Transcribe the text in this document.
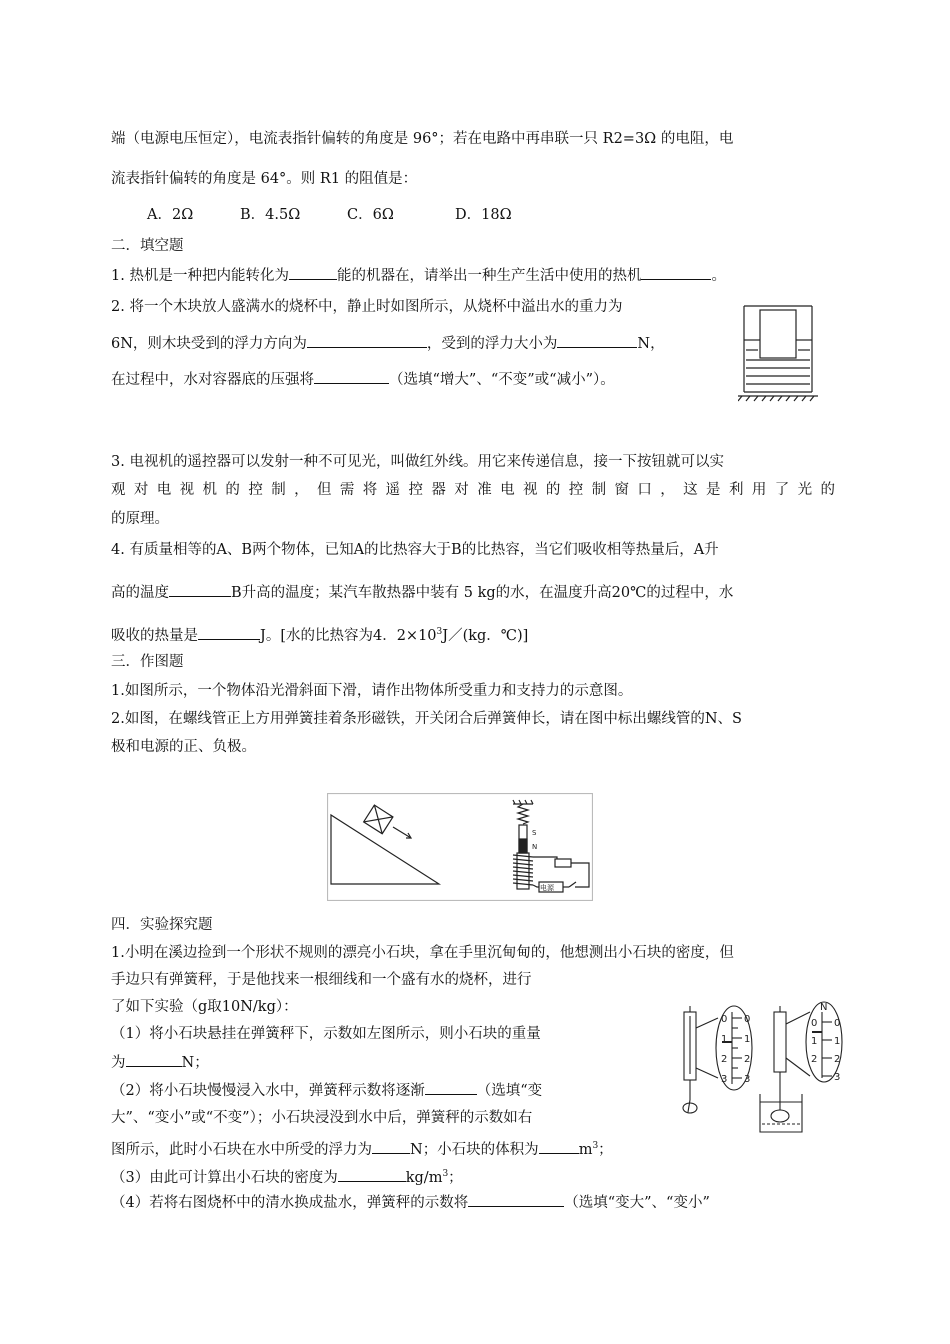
端（电源电压恒定），电流表指针偏转的角度是 96°；若在电路中再串联一只 R2=3Ω 的电阻，电
流表指针偏转的角度是 64°。则 R1 的阻值是：
A．2Ω	B．4.5Ω	C．6Ω	D．18Ω
二．填空题
1. 热机是一种把内能转化为	能的机器在，请举出一种生产生活中使用的热机	。
2. 将一个木块放人盛满水的烧杯中，静止时如图所示，从烧杯中溢出水的重力为
6N，则木块受到的浮力方向为	，受到的浮力大小为	N，
在过程中，水对容器底的压强将	（选填“增大”、“不变”或“减小”）。
3. 电视机的遥控器可以发射一种不可见光，叫做红外线。用它来传递信息，接一下按钮就可以实
观对电视机的控制，但需将遥控器对准电视的控制窗口，这是利用了光的
的原理。
4. 有质量相等的A、B两个物体，已知A的比热容大于B的比热容，当它们吸收相等热量后，A升
高的温度	B升高的温度；某汽车散热器中装有 5 kg的水，在温度升高20℃的过程中，水
吸收的热量是	J。[水的比热容为4．$2\times 10^3J/(kg$．℃)]
三．作图题
1.如图所示，一个物体沿光滑斜面下滑，请作出物体所受重力和支持力的示意图。
2.如图，在螺线管正上方用弹簧挂着条形磁铁，开关闭合后弹簧伸长，请在图中标出螺线管的N、S
极和电源的正、负极。
S
N
电源
四．实验探究题
1.小明在溪边捡到一个形状不规则的漂亮小石块，拿在手里沉甸甸的，他想测出小石块的密度，但
手边只有弹簧秤，于是他找来一根细线和一个盛有水的烧杯，进行
了如下实验（g取10N/kg）：
（1）将小石块悬挂在弹簧秤下，示数如左图所示，则小石块的重量
为	N；
（2）将小石块慢慢浸入水中，弹簧秤示数将逐渐	（选填“变
大”、“变小”或“不变”）；小石块浸没到水中后，弹簧秤的示数如右
图所示，此时小石块在水中所受的浮力为	N；小石块的体积为	$m^3$；
（3）由此可计算出小石块的密度为	$kg/m^3$；
（4）若将右图烧杯中的清水换成盐水，弹簧秤的示数将	（选填“变大”、“变小”
0
1
2
3
0
1
2
3
N
0
1
2
3
0
1
2
